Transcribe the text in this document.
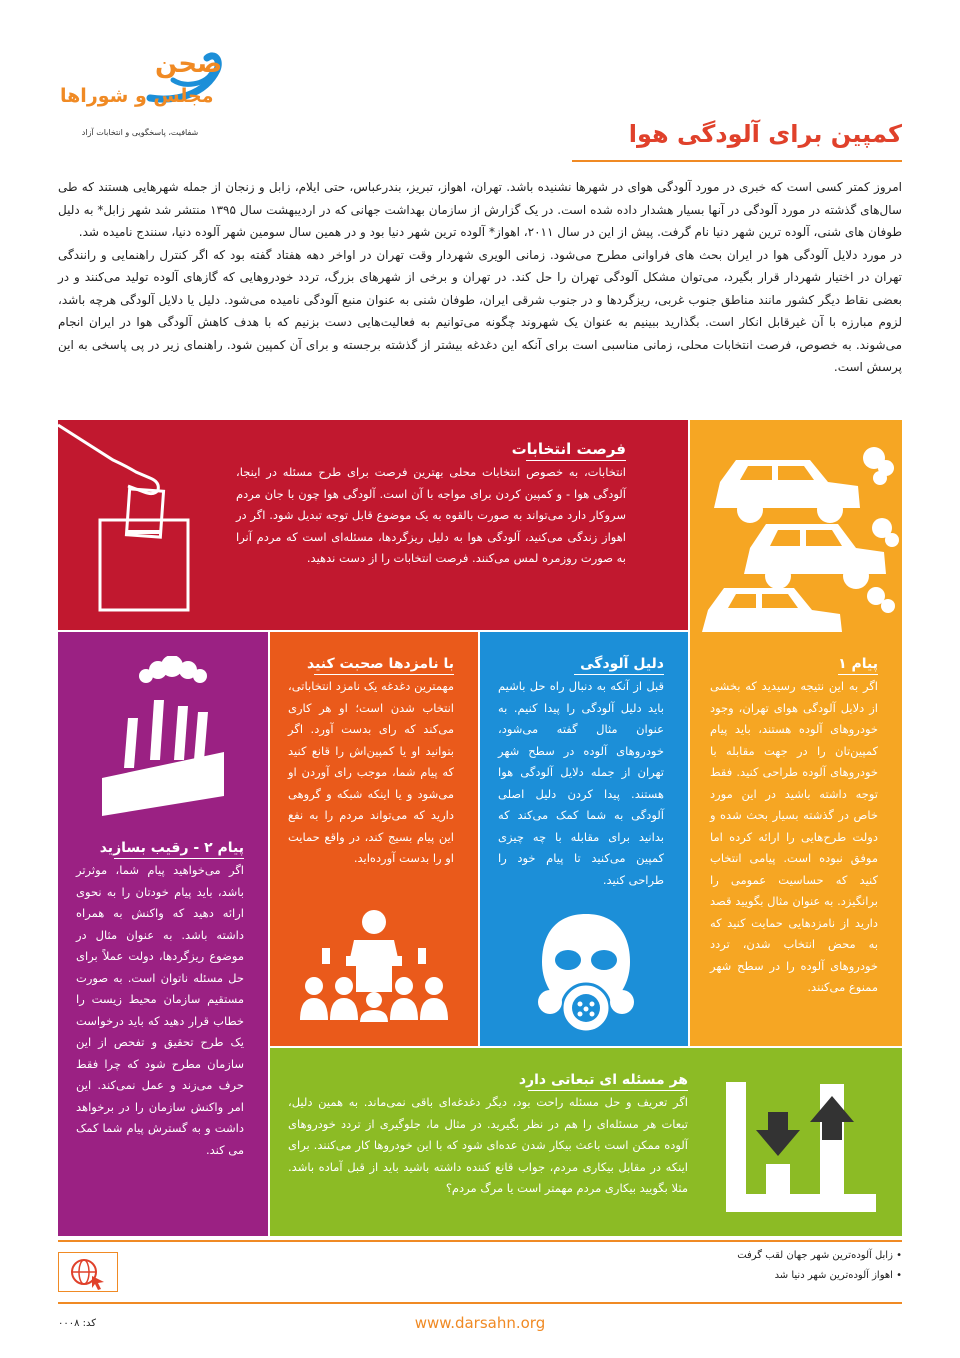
صحن
مجلس و شوراها
شفافیت، پاسخگویی و انتخابات آزاد	کمپین برای آلودگی هوا
امروز کمتر کسی است که خبری در مورد آلودگی هوای در شهرها نشنیده باشد. تهران، اهواز، تبریز، بندرعباس، حتی ایلام، زابل و زنجان از جمله شهرهایی هستند که طی سال‌های گذشته در مورد آلودگی در آنها بسیار هشدار داده شده است. در یک گزارش از سازمان بهداشت جهانی که در اردیبهشت سال ۱۳۹۵ منتشر شد شهر زابل* به دلیل طوفان های شنی، آلوده ترین شهر دنیا نام گرفت. پیش از این در سال ۲۰۱۱، اهواز* آلوده ترین شهر دنیا بود و در همین سال سومین شهر آلوده دنیا، سنندج نامیده شد.
در مورد دلایل آلودگی هوا در ایران بحث های فراوانی مطرح می‌شود. زمانی الویری شهردار وقت تهران در اواخر دهه هفتاد گفته بود که اگر کنترل راهنمایی و رانندگی تهران در اختیار شهردار قرار بگیرد، می‌توان مشکل آلودگی تهران را حل کند. در تهران و برخی از شهرهای بزرگ، تردد خودروهایی که گازهای آلوده تولید می‌کنند و در بعضی نقاط دیگر کشور مانند مناطق جنوب غربی، ریزگردها و در جنوب شرقی ایران، طوفان شنی به عنوان منبع آلودگی نامیده می‌شود. دلیل یا دلایل آلودگی هرچه باشد، لزوم مبارزه با آن غیرقابل انکار است. بگذارید ببینیم به عنوان یک شهروند چگونه می‌توانیم به فعالیت‌هایی دست بزنیم که با هدف کاهش آلودگی هوا در ایران انجام می‌شوند. به خصوص، فرصت انتخابات محلی، زمانی مناسبی است برای آنکه این دغدغه بیشتر از گذشته برجسته و برای آن کمپین شود. راهنمای زیر در پی پاسخی به این پرسش است.
فرصت انتخابات
انتخابات، به خصوص انتخابات محلی بهترین فرصت برای طرح مسئله در اینجا، آلودگی هوا - و کمپین کردن برای مواجه با آن است. آلودگی هوا چون با جان مردم سروکار دارد می‌تواند به صورت بالقوه به یک موضوع قابل توجه تبدیل شود. اگر در اهواز زندگی می‌کنید، آلودگی هوا به دلیل ریزگردها، مسئله‌ای است که مردم آنرا به صورت روزمره لمس می‌کنند. فرصت انتخابات را از دست ندهید.
پیام ۱
اگر به این نتیجه رسیدید که بخشی از دلایل آلودگی هوای تهران، وجود خودروهای آلوده هستند، باید پیام کمپین‌تان را در جهت مقابله با خودروهای آلوده طراحی کنید. فقط توجه داشته باشید در این مورد خاص در گذشته بسیار بحث شده و دولت طرح‌هایی را ارائه کرده اما موفق نبوده است. پیامی انتخاب کنید که حساسیت عمومی را برانگیزد. به عنوان مثال بگویید قصد دارید از نامزدهایی حمایت کنید که به محض انتخاب شدن، تردد خودروهای آلوده را در سطح شهر ممنوع می‌کنند.
دلیل آلودگی
قبل از آنکه به دنبال راه حل باشیم باید دلیل آلودگی را پیدا کنیم. به عنوان مثال گفته می‌شود، خودروهای آلوده در سطح شهر تهران از جمله دلایل آلودگی هوا هستند. پیدا کردن دلیل اصلی آلودگی به شما کمک می‌کند که بدانید برای مقابله با چه چیزی کمپین می‌کنید تا پیام خود را طراحی کنید.
با نامزدها صحبت کنید
مهمترین دغدغه یک نامزد انتخاباتی، انتخاب شدن است؛ او هر کاری می‌کند که رای بدست آورد. اگر بتوانید او یا کمپین‌اش را قانع کنید که پیام شما، موجب رای آوردن او می‌شود و یا اینکه شبکه و گروهی دارید که می‌تواند مردم را به نفع این پیام بسیج کند، در واقع حمایت او را بدست آورده‌اید.
پیام ۲ - رقیب بسازید
اگر می‌خواهید پیام شما، موثرتر باشد، باید پیام خودتان را به نحوی ارائه دهید که واکنش به همراه داشته باشد. به عنوان مثال در موضوع ریزگردها، دولت عملاً برای حل مسئله ناتوان است. به صورت مستقیم سازمان محیط زیست را خطاب قرار دهید که باید درخواست یک طرح تحقیق و تفحص از این سازمان مطرح شود که چرا فقط حرف می‌زند و عمل نمی‌کند. این امر واکنش سازمان را در برخواهد داشت و به گسترش پیام شما کمک می کند.
هر مسئله ای تبعاتی دارد
اگر تعریف و حل مسئله راحت بود، دیگر دغدغه‌ای باقی نمی‌ماند. به همین دلیل، تبعات هر مسئله‌ای را هم در نظر بگیرید. در مثال ما، جلوگیری از تردد خودروهای آلوده ممکن است باعث بیکار شدن عده‌ای شود که با این خودروها کار می‌کنند. برای اینکه در مقابل بیکاری مردم، جواب قانع کننده داشته باشید باید از قبل آماده باشد. مثلا بگویید بیکاری مردم مهمتر است یا مرگ مردم؟
• زابل آلوده‌ترین شهر جهان لقب گرفت
• اهواز آلوده‌ترین شهر دنیا شد
www.darsahn.org
کد: ۰۰۰۸
